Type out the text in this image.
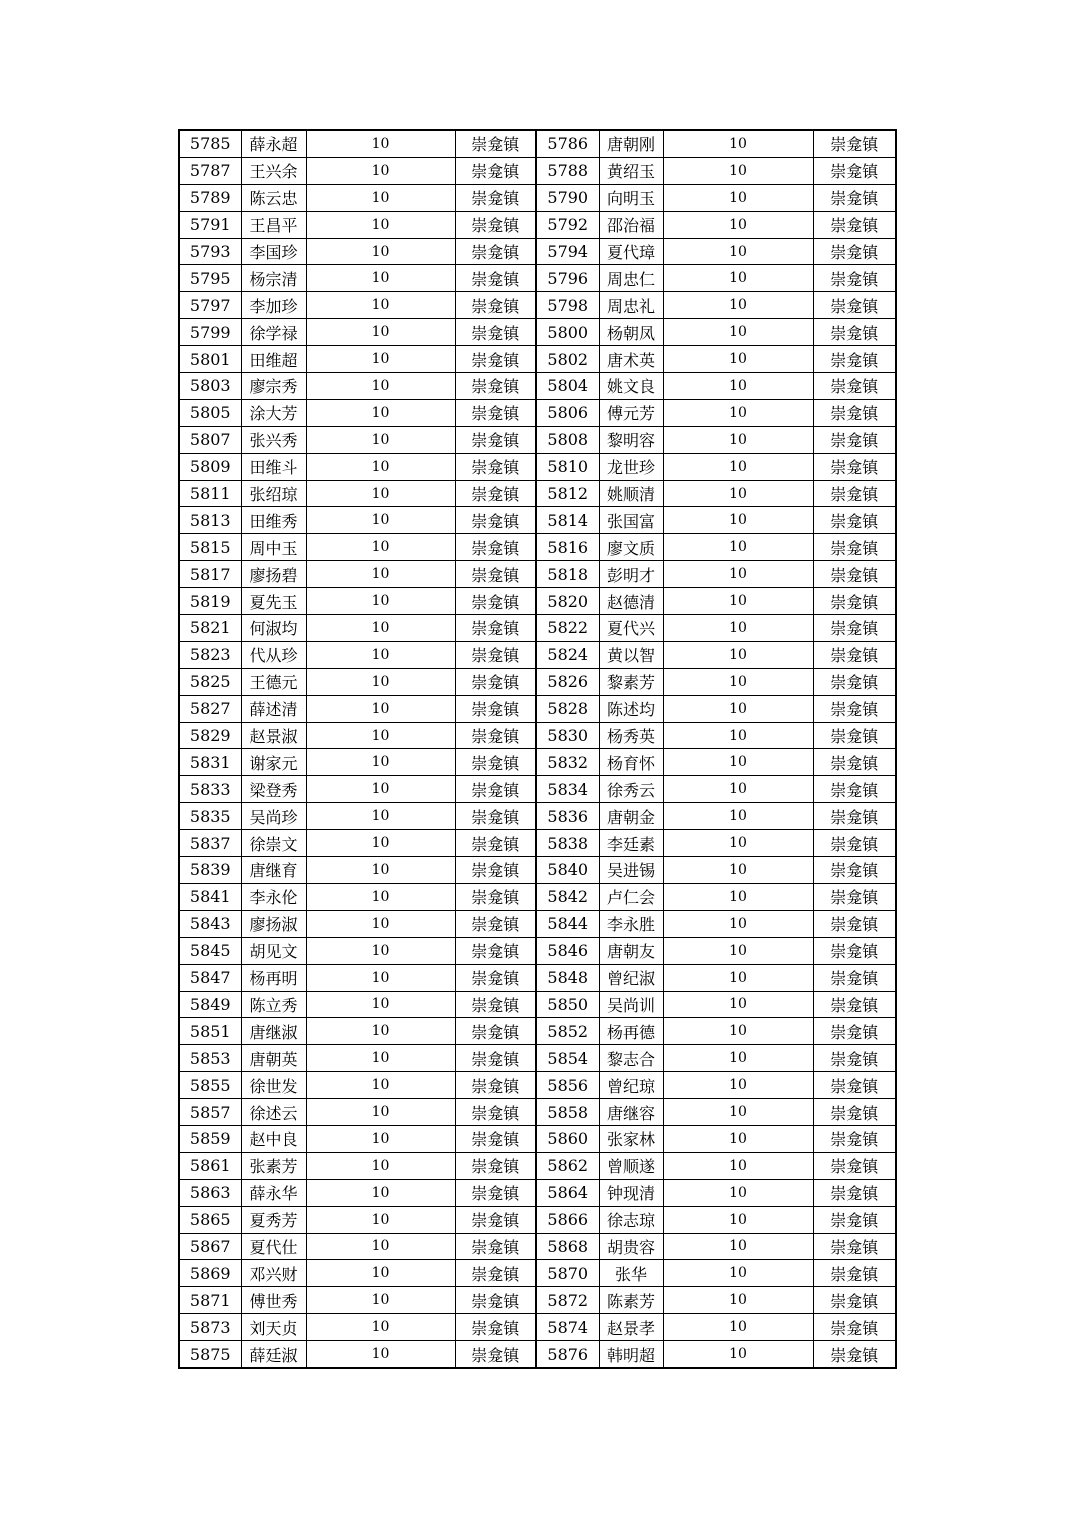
5785	薛永超	10	崇龛镇	5786	唐朝刚	10	崇龛镇
5787	王兴余	10	崇龛镇	5788	黄绍玉	10	崇龛镇
5789	陈云忠	10	崇龛镇	5790	向明玉	10	崇龛镇
5791	王昌平	10	崇龛镇	5792	邵治福	10	崇龛镇
5793	李国珍	10	崇龛镇	5794	夏代璋	10	崇龛镇
5795	杨宗清	10	崇龛镇	5796	周忠仁	10	崇龛镇
5797	李加珍	10	崇龛镇	5798	周忠礼	10	崇龛镇
5799	徐学禄	10	崇龛镇	5800	杨朝凤	10	崇龛镇
5801	田维超	10	崇龛镇	5802	唐术英	10	崇龛镇
5803	廖宗秀	10	崇龛镇	5804	姚文良	10	崇龛镇
5805	涂大芳	10	崇龛镇	5806	傅元芳	10	崇龛镇
5807	张兴秀	10	崇龛镇	5808	黎明容	10	崇龛镇
5809	田维斗	10	崇龛镇	5810	龙世珍	10	崇龛镇
5811	张绍琼	10	崇龛镇	5812	姚顺清	10	崇龛镇
5813	田维秀	10	崇龛镇	5814	张国富	10	崇龛镇
5815	周中玉	10	崇龛镇	5816	廖文质	10	崇龛镇
5817	廖扬碧	10	崇龛镇	5818	彭明才	10	崇龛镇
5819	夏先玉	10	崇龛镇	5820	赵德清	10	崇龛镇
5821	何淑均	10	崇龛镇	5822	夏代兴	10	崇龛镇
5823	代从珍	10	崇龛镇	5824	黄以智	10	崇龛镇
5825	王德元	10	崇龛镇	5826	黎素芳	10	崇龛镇
5827	薛述清	10	崇龛镇	5828	陈述均	10	崇龛镇
5829	赵景淑	10	崇龛镇	5830	杨秀英	10	崇龛镇
5831	谢家元	10	崇龛镇	5832	杨育怀	10	崇龛镇
5833	梁登秀	10	崇龛镇	5834	徐秀云	10	崇龛镇
5835	吴尚珍	10	崇龛镇	5836	唐朝金	10	崇龛镇
5837	徐崇文	10	崇龛镇	5838	李廷素	10	崇龛镇
5839	唐继育	10	崇龛镇	5840	吴进锡	10	崇龛镇
5841	李永伦	10	崇龛镇	5842	卢仁会	10	崇龛镇
5843	廖扬淑	10	崇龛镇	5844	李永胜	10	崇龛镇
5845	胡见文	10	崇龛镇	5846	唐朝友	10	崇龛镇
5847	杨再明	10	崇龛镇	5848	曾纪淑	10	崇龛镇
5849	陈立秀	10	崇龛镇	5850	吴尚训	10	崇龛镇
5851	唐继淑	10	崇龛镇	5852	杨再德	10	崇龛镇
5853	唐朝英	10	崇龛镇	5854	黎志合	10	崇龛镇
5855	徐世发	10	崇龛镇	5856	曾纪琼	10	崇龛镇
5857	徐述云	10	崇龛镇	5858	唐继容	10	崇龛镇
5859	赵中良	10	崇龛镇	5860	张家林	10	崇龛镇
5861	张素芳	10	崇龛镇	5862	曾顺遂	10	崇龛镇
5863	薛永华	10	崇龛镇	5864	钟现清	10	崇龛镇
5865	夏秀芳	10	崇龛镇	5866	徐志琼	10	崇龛镇
5867	夏代仕	10	崇龛镇	5868	胡贵容	10	崇龛镇
5869	邓兴财	10	崇龛镇	5870	张华	10	崇龛镇
5871	傅世秀	10	崇龛镇	5872	陈素芳	10	崇龛镇
5873	刘天贞	10	崇龛镇	5874	赵景孝	10	崇龛镇
5875	薛廷淑	10	崇龛镇	5876	韩明超	10	崇龛镇
